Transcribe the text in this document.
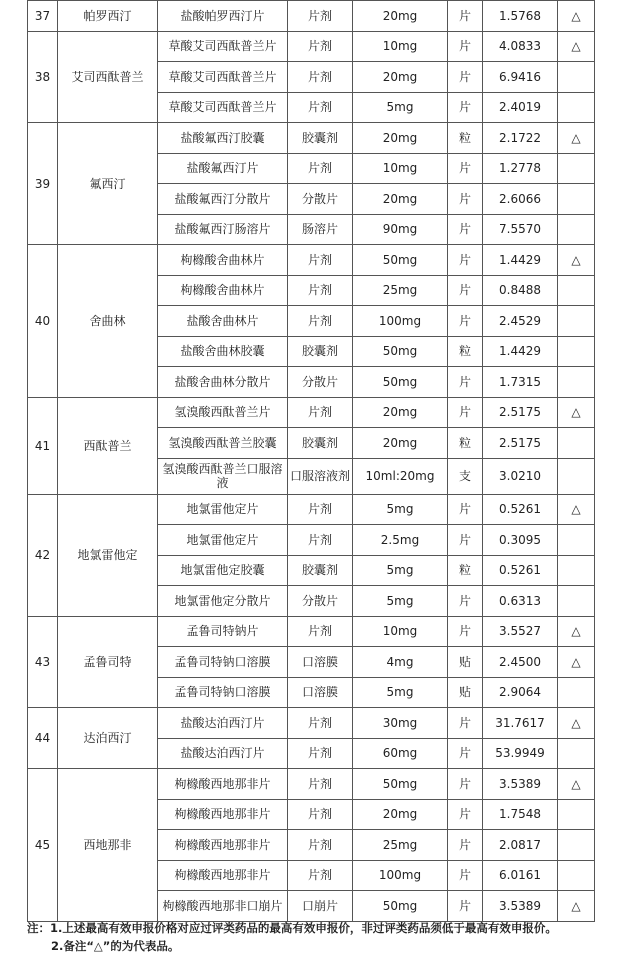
37	帕罗西汀	盐酸帕罗西汀片	片剂	20mg	片	1.5768	△
38	艾司西酞普兰	草酸艾司西酞普兰片	片剂	10mg	片	4.0833	△
		草酸艾司西酞普兰片	片剂	20mg	片	6.9416	
		草酸艾司西酞普兰片	片剂	5mg	片	2.4019	
39	氟西汀	盐酸氟西汀胶囊	胶囊剂	20mg	粒	2.1722	△
		盐酸氟西汀片	片剂	10mg	片	1.2778	
		盐酸氟西汀分散片	分散片	20mg	片	2.6066	
		盐酸氟西汀肠溶片	肠溶片	90mg	片	7.5570	
40	舍曲林	枸橼酸舍曲林片	片剂	50mg	片	1.4429	△
		枸橼酸舍曲林片	片剂	25mg	片	0.8488	
		盐酸舍曲林片	片剂	100mg	片	2.4529	
		盐酸舍曲林胶囊	胶囊剂	50mg	粒	1.4429	
		盐酸舍曲林分散片	分散片	50mg	片	1.7315	
41	西酞普兰	氢溴酸西酞普兰片	片剂	20mg	片	2.5175	△
		氢溴酸西酞普兰胶囊	胶囊剂	20mg	粒	2.5175	
		氢溴酸西酞普兰口服溶液	口服溶液剂	10ml:20mg	支	3.0210	
42	地氯雷他定	地氯雷他定片	片剂	5mg	片	0.5261	△
		地氯雷他定片	片剂	2.5mg	片	0.3095	
		地氯雷他定胶囊	胶囊剂	5mg	粒	0.5261	
		地氯雷他定分散片	分散片	5mg	片	0.6313	
43	孟鲁司特	孟鲁司特钠片	片剂	10mg	片	3.5527	△
		孟鲁司特钠口溶膜	口溶膜	4mg	贴	2.4500	△
		孟鲁司特钠口溶膜	口溶膜	5mg	贴	2.9064	
44	达泊西汀	盐酸达泊西汀片	片剂	30mg	片	31.7617	△
		盐酸达泊西汀片	片剂	60mg	片	53.9949	
45	西地那非	枸橼酸西地那非片	片剂	50mg	片	3.5389	△
		枸橼酸西地那非片	片剂	20mg	片	1.7548	
		枸橼酸西地那非片	片剂	25mg	片	2.0817	
		枸橼酸西地那非片	片剂	100mg	片	6.0161	
		枸橼酸西地那非口崩片	口崩片	50mg	片	3.5389	△
注：1.上述最高有效申报价格对应过评类药品的最高有效申报价，非过评类药品须低于最高有效申报价。
2.备注“△”的为代表品。
